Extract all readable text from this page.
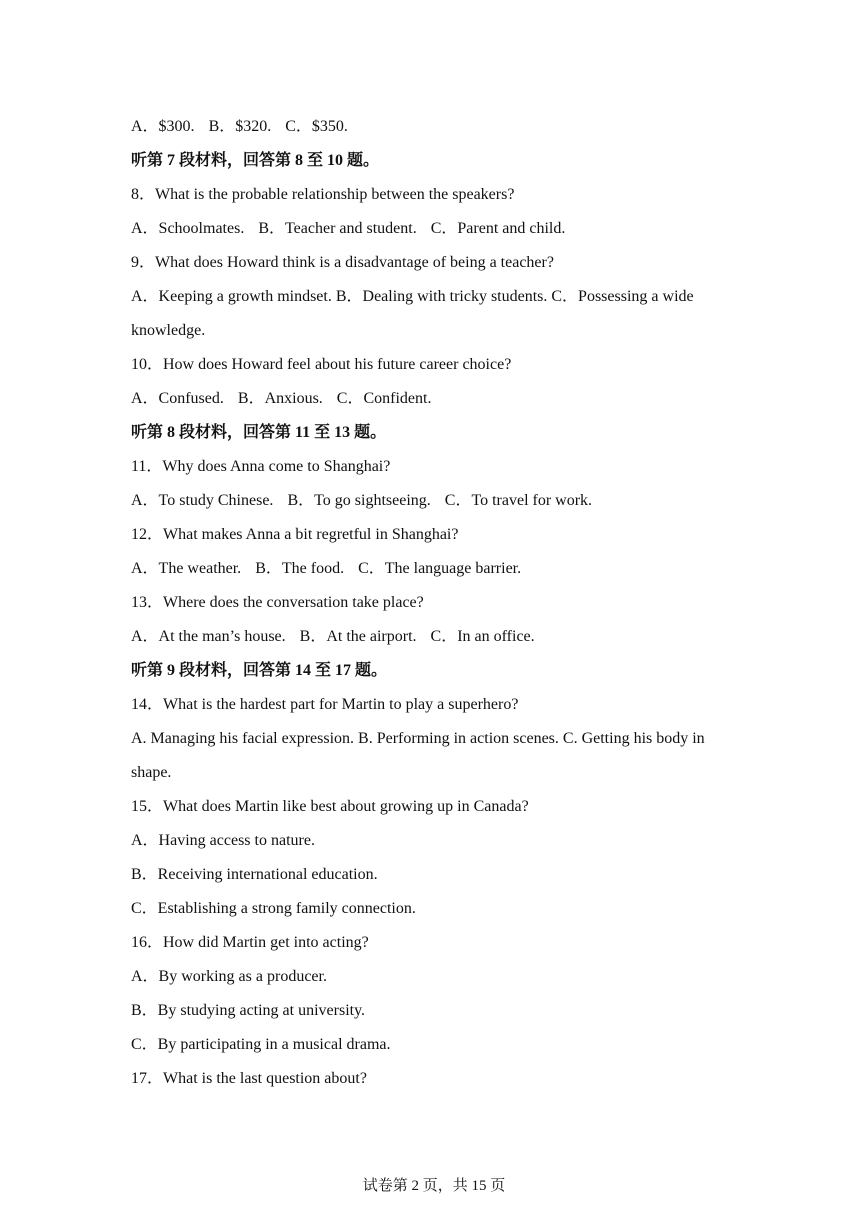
A．$300. B．$320. C．$350.
听第 7 段材料，回答第 8 至 10 题。
8．What is the probable relationship between the speakers?
A．Schoolmates. B．Teacher and student. C．Parent and child.
9．What does Howard think is a disadvantage of being a teacher?
A．Keeping a growth mindset. B．Dealing with tricky students. C．Possessing a wide knowledge.
10．How does Howard feel about his future career choice?
A．Confused. B．Anxious. C．Confident.
听第 8 段材料，回答第 11 至 13 题。
11．Why does Anna come to Shanghai?
A．To study Chinese. B．To go sightseeing. C．To travel for work.
12．What makes Anna a bit regretful in Shanghai?
A．The weather. B．The food. C．The language barrier.
13．Where does the conversation take place?
A．At the man’s house. B．At the airport. C．In an office.
听第 9 段材料，回答第 14 至 17 题。
14．What is the hardest part for Martin to play a superhero?
A. Managing his facial expression. B. Performing in action scenes. C. Getting his body in shape.
15．What does Martin like best about growing up in Canada?
A．Having access to nature.
B．Receiving international education.
C．Establishing a strong family connection.
16．How did Martin get into acting?
A．By working as a producer.
B．By studying acting at university.
C．By participating in a musical drama.
17．What is the last question about?
试卷第 2 页，共 15 页
